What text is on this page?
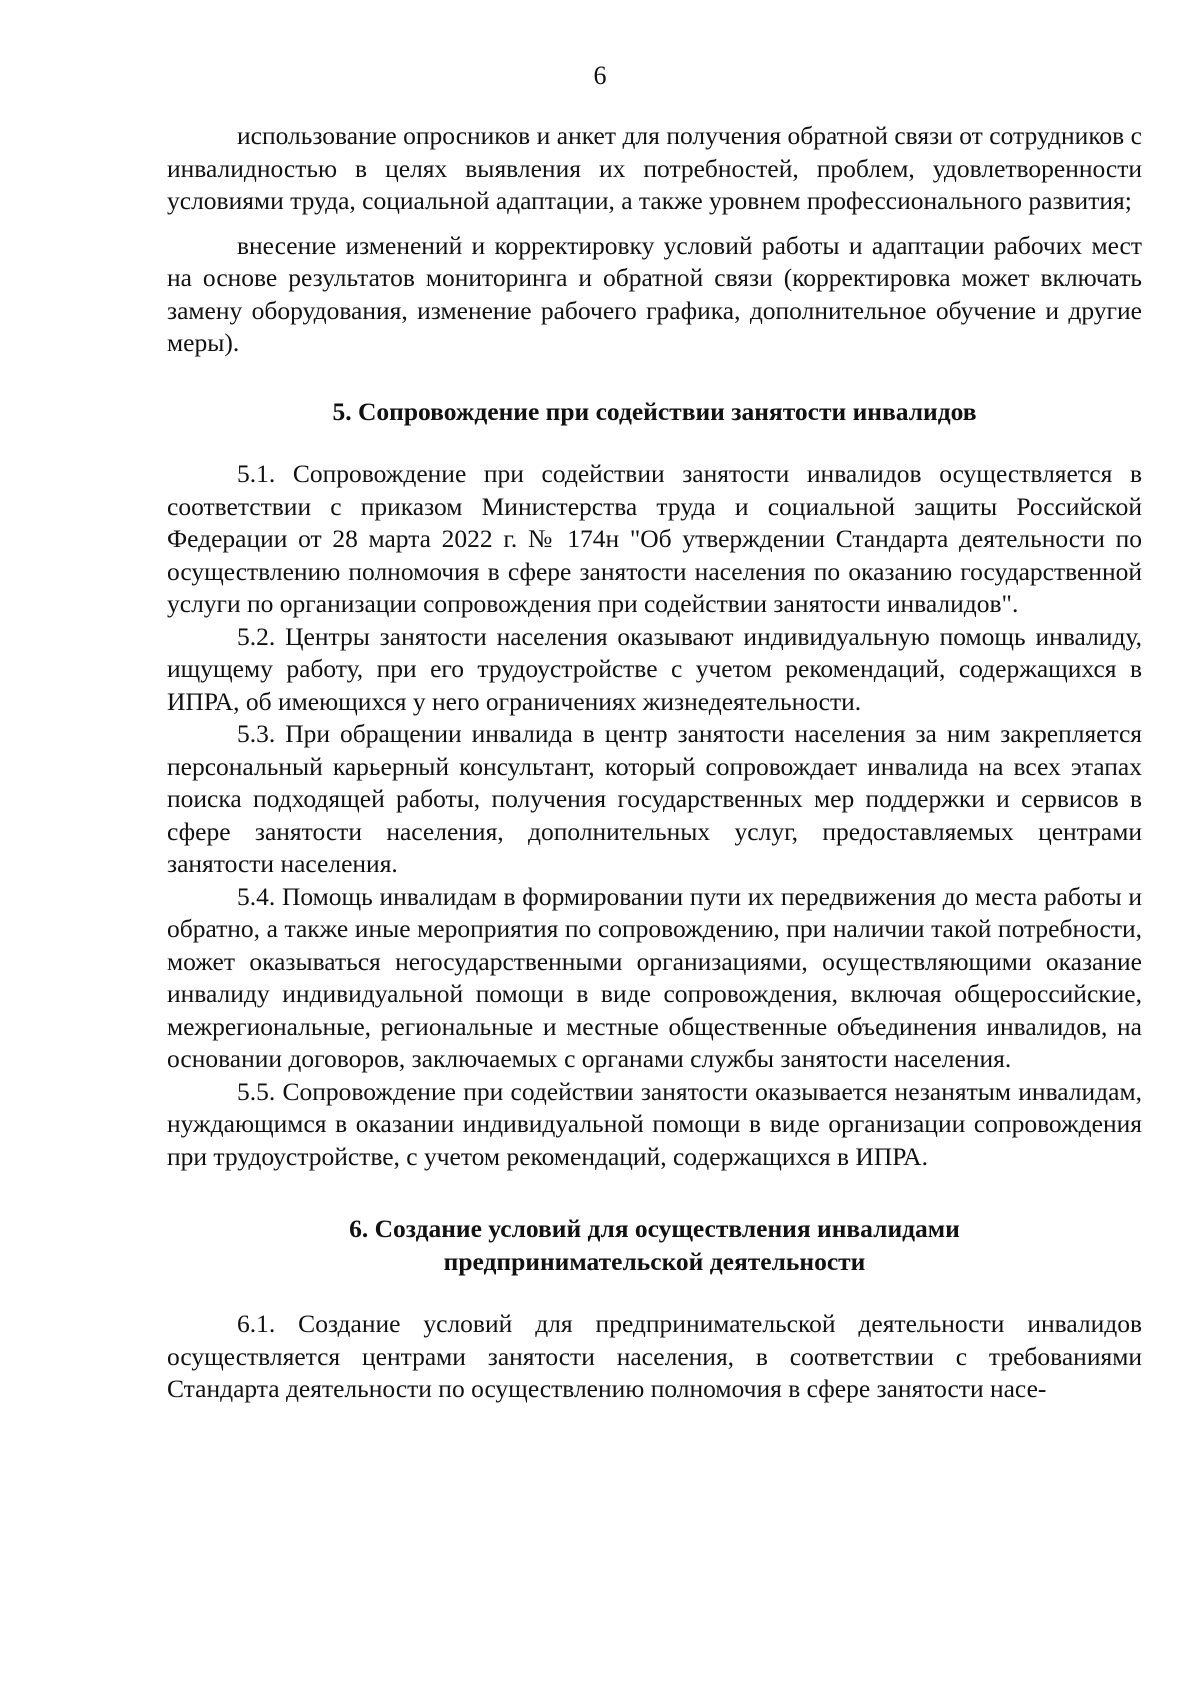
6

использование опросников и анкет для получения обратной связи от сотрудников с инвалидностью в целях выявления их потребностей, проблем, удовлетворенности условиями труда, социальной адаптации, а также уровнем профессионального развития;

внесение изменений и корректировку условий работы и адаптации рабочих мест на основе результатов мониторинга и обратной связи (корректировка может включать замену оборудования, изменение рабочего графика, дополнительное обучение и другие меры).

5. Сопровождение при содействии занятости инвалидов

5.1. Сопровождение при содействии занятости инвалидов осуществляется в соответствии с приказом Министерства труда и социальной защиты Российской Федерации от 28 марта 2022 г. № 174н "Об утверждении Стандарта деятельности по осуществлению полномочия в сфере занятости населения по оказанию государственной услуги по организации сопровождения при содействии занятости инвалидов".

5.2. Центры занятости населения оказывают индивидуальную помощь инвалиду, ищущему работу, при его трудоустройстве с учетом рекомендаций, содержащихся в ИПРА, об имеющихся у него ограничениях жизнедеятельности.

5.3. При обращении инвалида в центр занятости населения за ним закрепляется персональный карьерный консультант, который сопровождает инвалида на всех этапах поиска подходящей работы, получения государственных мер поддержки и сервисов в сфере занятости населения, дополнительных услуг, предоставляемых центрами занятости населения.

5.4. Помощь инвалидам в формировании пути их передвижения до места работы и обратно, а также иные мероприятия по сопровождению, при наличии такой потребности, может оказываться негосударственными организациями, осуществляющими оказание инвалиду индивидуальной помощи в виде сопровождения, включая общероссийские, межрегиональные, региональные и местные общественные объединения инвалидов, на основании договоров, заключаемых с органами службы занятости населения.

5.5. Сопровождение при содействии занятости оказывается незанятым инвалидам, нуждающимся в оказании индивидуальной помощи в виде организации сопровождения при трудоустройстве, с учетом рекомендаций, содержащихся в ИПРА.

6. Создание условий для осуществления инвалидами
предпринимательской деятельности

6.1. Создание условий для предпринимательской деятельности инвалидов осуществляется центрами занятости населения, в соответствии с требованиями Стандарта деятельности по осуществлению полномочия в сфере занятости насе-
